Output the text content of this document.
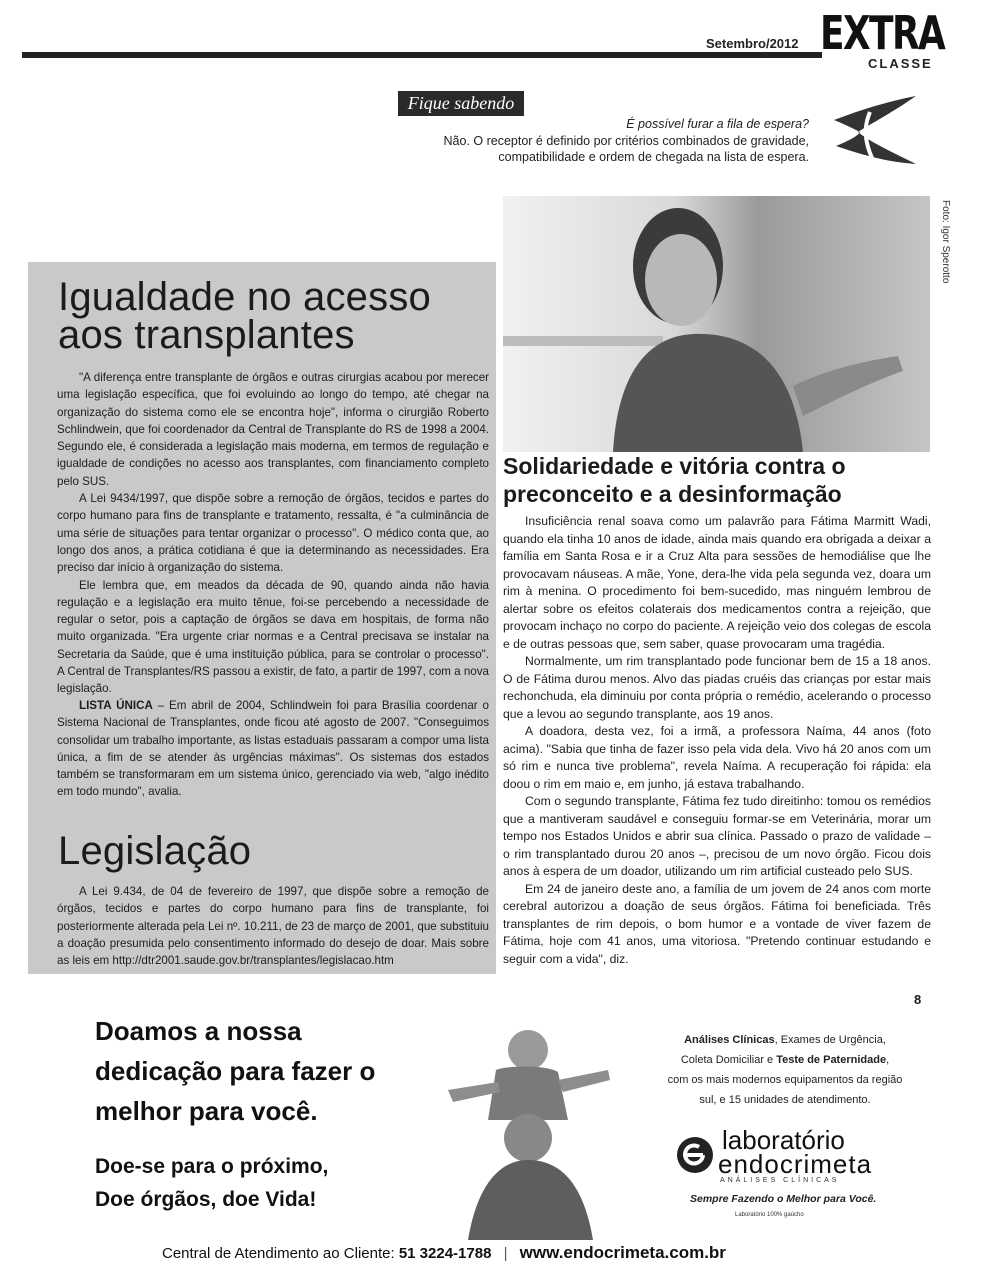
Setembro/2012 EXTRA
CLASSE
Fique sabendo
É possível furar a fila de espera?
Não. O receptor é definido por critérios combinados de gravidade, compatibilidade e ordem de chegada na lista de espera.
Igualdade no acesso aos transplantes

"A diferença entre transplante de órgãos e outras cirurgias acabou por merecer uma legislação específica, que foi evoluindo ao longo do tempo, até chegar na organização do sistema como ele se encontra hoje", informa o cirurgião Roberto Schlindwein, que foi coordenador da Central de Transplante do RS de 1998 a 2004. Segundo ele, é considerada a legislação mais moderna, em termos de regulação e igualdade de condições no acesso aos transplantes, com financiamento completo pelo SUS.

A Lei 9434/1997, que dispõe sobre a remoção de órgãos, tecidos e partes do corpo humano para fins de transplante e tratamento, ressalta, é "a culminância de uma série de situações para tentar organizar o processo". O médico conta que, ao longo dos anos, a prática cotidiana é que ia determinando as necessidades. Era preciso dar início à organização do sistema.

Ele lembra que, em meados da década de 90, quando ainda não havia regulação e a legislação era muito tênue, foi-se percebendo a necessidade de regular o setor, pois a captação de órgãos se dava em hospitais, de forma não muito organizada. "Era urgente criar normas e a Central precisava se instalar na Secretaria da Saúde, que é uma instituição pública, para se controlar o processo". A Central de Transplantes/RS passou a existir, de fato, a partir de 1997, com a nova legislação.

LISTA ÚNICA – Em abril de 2004, Schlindwein foi para Brasília coordenar o Sistema Nacional de Transplantes, onde ficou até agosto de 2007. "Conseguimos consolidar um trabalho importante, as listas estaduais passaram a compor uma lista única, a fim de se atender às urgências máximas". Os sistemas dos estados também se transformaram em um sistema único, gerenciado via web, "algo inédito em todo mundo", avalia.

Legislação

A Lei 9.434, de 04 de fevereiro de 1997, que dispõe sobre a remoção de órgãos, tecidos e partes do corpo humano para fins de transplante, foi posteriormente alterada pela Lei nº. 10.211, de 23 de março de 2001, que substituiu a doação presumida pelo consentimento informado do desejo de doar. Mais sobre as leis em http://dtr2001.saude.gov.br/transplantes/legislacao.htm

Foto: Igor Sperotto
Solidariedade e vitória contra o preconceito e a desinformação

Insuficiência renal soava como um palavrão para Fátima Marmitt Wadi, quando ela tinha 10 anos de idade, ainda mais quando era obrigada a deixar a família em Santa Rosa e ir a Cruz Alta para sessões de hemodiálise que lhe provocavam náuseas. A mãe, Yone, dera-lhe vida pela segunda vez, doara um rim à menina. O procedimento foi bem-sucedido, mas ninguém lembrou de alertar sobre os efeitos colaterais dos medicamentos contra a rejeição, que provocam inchaço no corpo do paciente. A rejeição veio dos colegas de escola e de outras pessoas que, sem saber, quase provocaram uma tragédia.

Normalmente, um rim transplantado pode funcionar bem de 15 a 18 anos. O de Fátima durou menos. Alvo das piadas cruéis das crianças por estar mais rechonchuda, ela diminuiu por conta própria o remédio, acelerando o processo que a levou ao segundo transplante, aos 19 anos.

A doadora, desta vez, foi a irmã, a professora Naíma, 44 anos (foto acima). "Sabia que tinha de fazer isso pela vida dela. Vivo há 20 anos com um só rim e nunca tive problema", revela Naíma. A recuperação foi rápida: ela doou o rim em maio e, em junho, já estava trabalhando.

Com o segundo transplante, Fátima fez tudo direitinho: tomou os remédios que a mantiveram saudável e conseguiu formar-se em Veterinária, morar um tempo nos Estados Unidos e abrir sua clínica. Passado o prazo de validade – o rim transplantado durou 20 anos –, precisou de um novo órgão. Ficou dois anos à espera de um doador, utilizando um rim artificial custeado pelo SUS.

Em 24 de janeiro deste ano, a família de um jovem de 24 anos com morte cerebral autorizou a doação de seus órgãos. Fátima foi beneficiada. Três transplantes de rim depois, o bom humor e a vontade de viver fazem de Fátima, hoje com 41 anos, uma vitoriosa. "Pretendo continuar estudando e seguir com a vida", diz.

8
Doamos a nossa dedicação para fazer o melhor para você.
Doe-se para o próximo,
Doe órgãos, doe Vida!
Análises Clínicas, Exames de Urgência,
Coleta Domiciliar e Teste de Paternidade,
com os mais modernos equipamentos da região sul, e 15 unidades de atendimento.
laboratório
endocrimeta
ANÁLISES CLÍNICAS
Sempre Fazendo o Melhor para Você.
Laboratório 100% gaúcho
Central de Atendimento ao Cliente: 51 3224-1788 | www.endocrimeta.com.br
